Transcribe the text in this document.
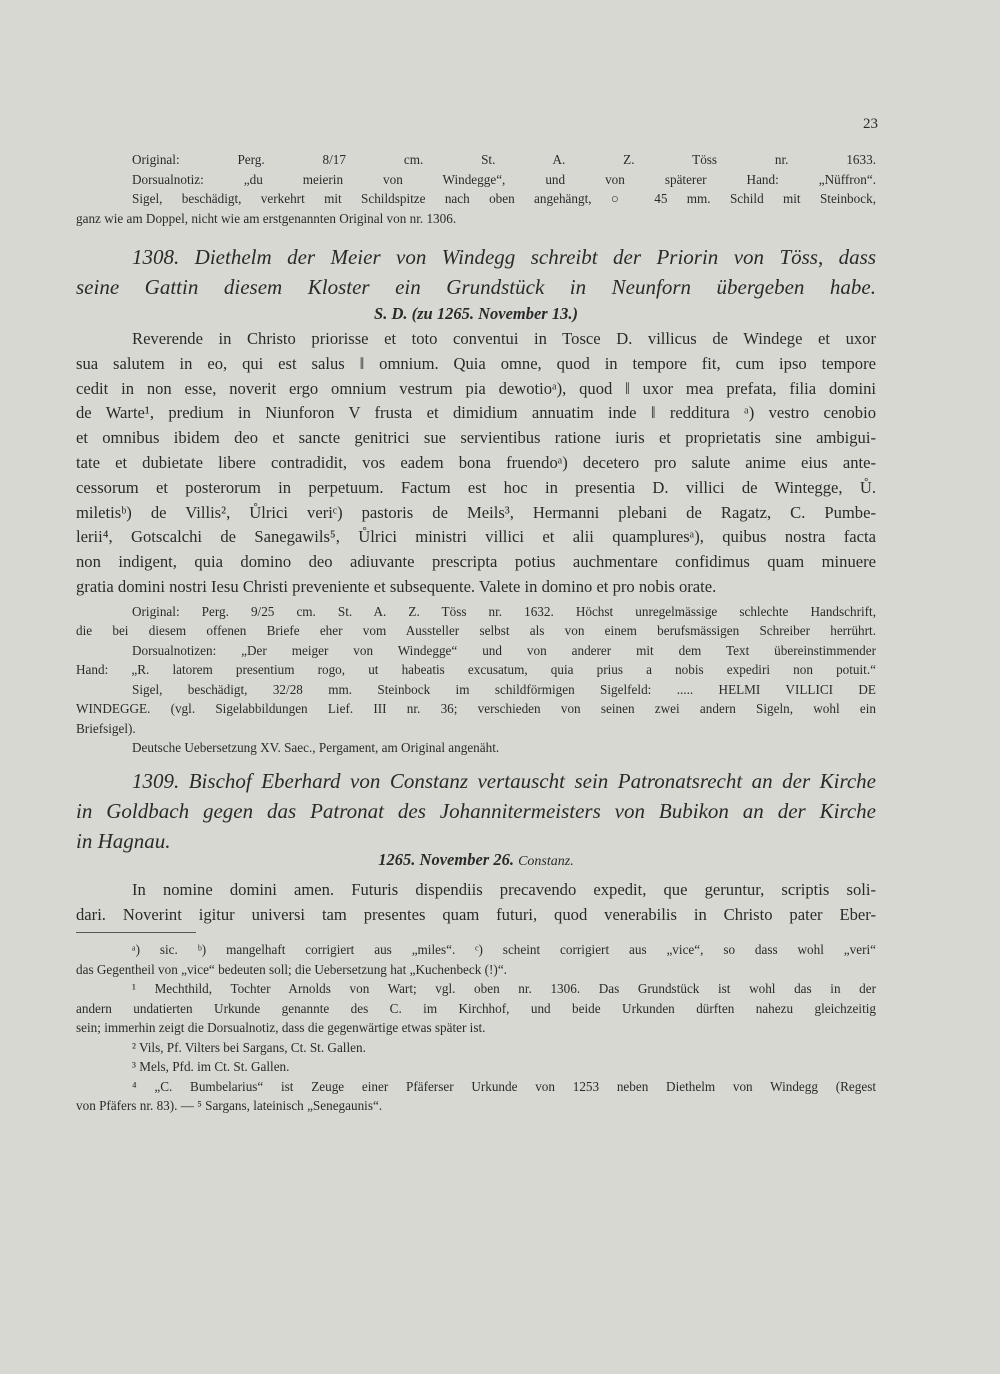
23

Original: Perg. 8/17 cm. St. A. Z. Töss nr. 1633.

Dorsualnotiz: „du meierin von Windegge“, und von späterer Hand: „Nüffron“.

Sigel, beschädigt, verkehrt mit Schildspitze nach oben angehängt, ○ 45 mm. Schild mit Steinbock,

ganz wie am Doppel, nicht wie am erstgenannten Original von nr. 1306.

1308. Diethelm der Meier von Windegg schreibt der Priorin von Töss, dass

seine Gattin diesem Kloster ein Grundstück in Neunforn übergeben habe.

S. D. (zu 1265. November 13.)

Reverende in Christo priorisse et toto conventui in Tosce D. villicus de Windege et uxor

sua salutem in eo, qui est salus ‖ omnium. Quia omne, quod in tempore fit, cum ipso tempore

cedit in non esse, noverit ergo omnium vestrum pia dewotioᵃ), quod ‖ uxor mea prefata, filia domini

de Warte¹, predium in Niunforon V frusta et dimidium annuatim inde ‖ redditura ᵃ) vestro cenobio

et omnibus ibidem deo et sancte genitrici sue servientibus ratione iuris et proprietatis sine ambigui-

tate et dubietate libere contradidit, vos eadem bona fruendoᵃ) decetero pro salute anime eius ante-

cessorum et posterorum in perpetuum. Factum est hoc in presentia D. villici de Wintegge, Ů.

miletisᵇ) de Villis², Ůlrici veriᶜ) pastoris de Meils³, Hermanni plebani de Ragatz, C. Pumbe-

lerii⁴, Gotscalchi de Sanegawils⁵, Ůlrici ministri villici et alii quampluresᵃ), quibus nostra facta

non indigent, quia domino deo adiuvante prescripta potius auchmentare confidimus quam minuere

gratia domini nostri Iesu Christi preveniente et subsequente. Valete in domino et pro nobis orate.

Original: Perg. 9/25 cm. St. A. Z. Töss nr. 1632. Höchst unregelmässige schlechte Handschrift,

die bei diesem offenen Briefe eher vom Aussteller selbst als von einem berufsmässigen Schreiber herrührt.

Dorsualnotizen: „Der meiger von Windegge“ und von anderer mit dem Text übereinstimmender

Hand: „R. latorem presentium rogo, ut habeatis excusatum, quia prius a nobis expediri non potuit.“

Sigel, beschädigt, 32/28 mm. Steinbock im schildförmigen Sigelfeld: ..... HELMI VILLICI DE

WINDEGGE. (vgl. Sigelabbildungen Lief. III nr. 36; verschieden von seinen zwei andern Sigeln, wohl ein

Briefsigel).

Deutsche Uebersetzung XV. Saec., Pergament, am Original angenäht.

1309. Bischof Eberhard von Constanz vertauscht sein Patronatsrecht an der Kirche

in Goldbach gegen das Patronat des Johannitermeisters von Bubikon an der Kirche

in Hagnau.

1265. November 26. Constanz.

In nomine domini amen. Futuris dispendiis precavendo expedit, que geruntur, scriptis soli-

dari. Noverint igitur universi tam presentes quam futuri, quod venerabilis in Christo pater Eber-

ᵃ) sic. ᵇ) mangelhaft corrigiert aus „miles“. ᶜ) scheint corrigiert aus „vice“, so dass wohl „veri“

das Gegentheil von „vice“ bedeuten soll; die Uebersetzung hat „Kuchenbeck (!)“.

¹ Mechthild, Tochter Arnolds von Wart; vgl. oben nr. 1306. Das Grundstück ist wohl das in der

andern undatierten Urkunde genannte des C. im Kirchhof, und beide Urkunden dürften nahezu gleichzeitig

sein; immerhin zeigt die Dorsualnotiz, dass die gegenwärtige etwas später ist.

² Vils, Pf. Vilters bei Sargans, Ct. St. Gallen.

³ Mels, Pfd. im Ct. St. Gallen.

⁴ „C. Bumbelarius“ ist Zeuge einer Pfäferser Urkunde von 1253 neben Diethelm von Windegg (Regest

von Pfäfers nr. 83). — ⁵ Sargans, lateinisch „Senegaunis“.
